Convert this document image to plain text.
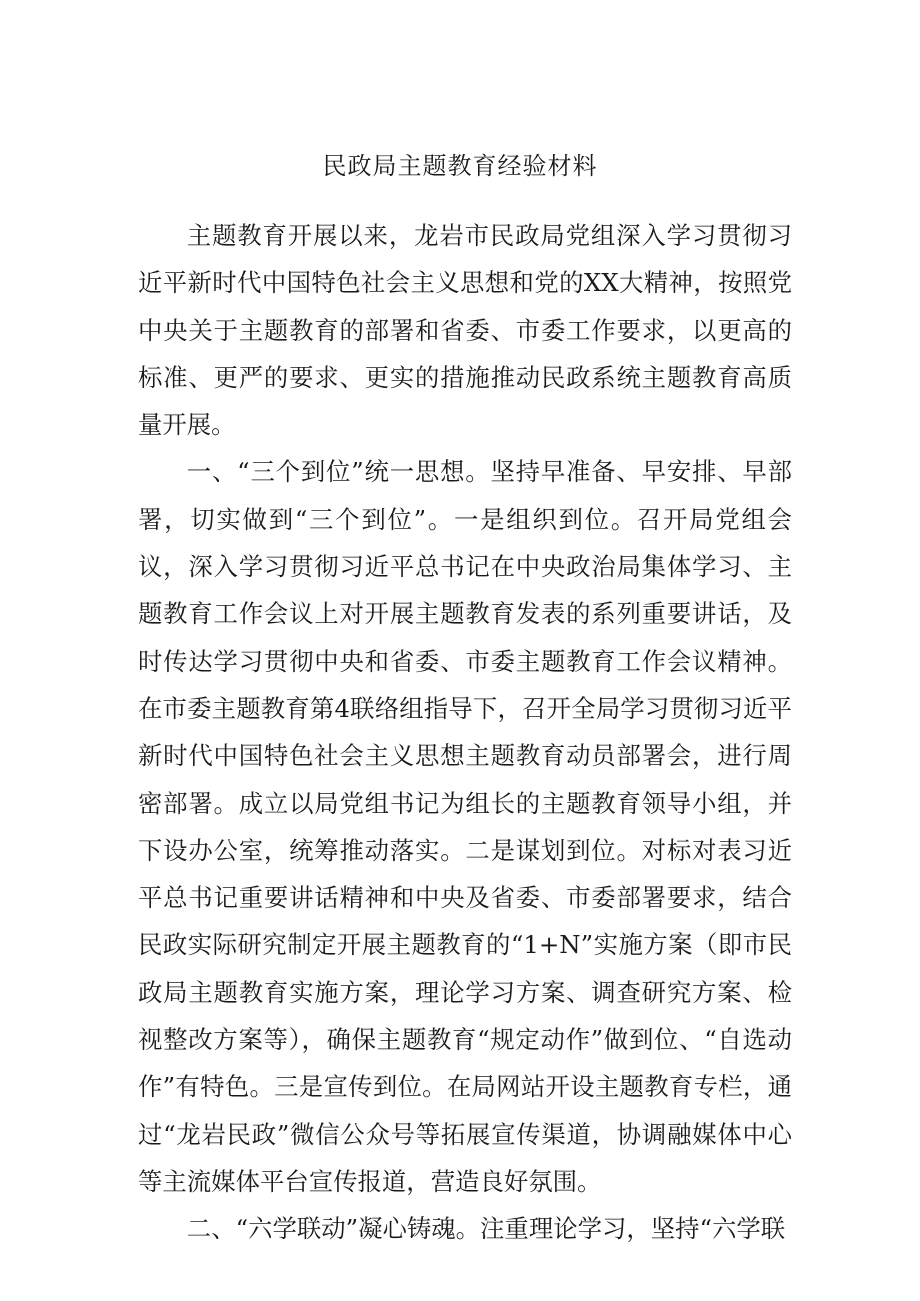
民政局主题教育经验材料

主题教育开展以来，龙岩市民政局党组深入学习贯彻习近平新时代中国特色社会主义思想和党的XX大精神，按照党中央关于主题教育的部署和省委、市委工作要求，以更高的标准、更严的要求、更实的措施推动民政系统主题教育高质量开展。

一、“三个到位”统一思想。坚持早准备、早安排、早部署，切实做到“三个到位”。一是组织到位。召开局党组会议，深入学习贯彻习近平总书记在中央政治局集体学习、主题教育工作会议上对开展主题教育发表的系列重要讲话，及时传达学习贯彻中央和省委、市委主题教育工作会议精神。在市委主题教育第4联络组指导下，召开全局学习贯彻习近平新时代中国特色社会主义思想主题教育动员部署会，进行周密部署。成立以局党组书记为组长的主题教育领导小组，并下设办公室，统筹推动落实。二是谋划到位。对标对表习近平总书记重要讲话精神和中央及省委、市委部署要求，结合民政实际研究制定开展主题教育的“1+N”实施方案（即市民政局主题教育实施方案，理论学习方案、调查研究方案、检视整改方案等），确保主题教育“规定动作”做到位、“自选动作”有特色。三是宣传到位。在局网站开设主题教育专栏，通过“龙岩民政”微信公众号等拓展宣传渠道，协调融媒体中心等主流媒体平台宣传报道，营造良好氛围。

二、“六学联动”凝心铸魂。注重理论学习，坚持“六学联
